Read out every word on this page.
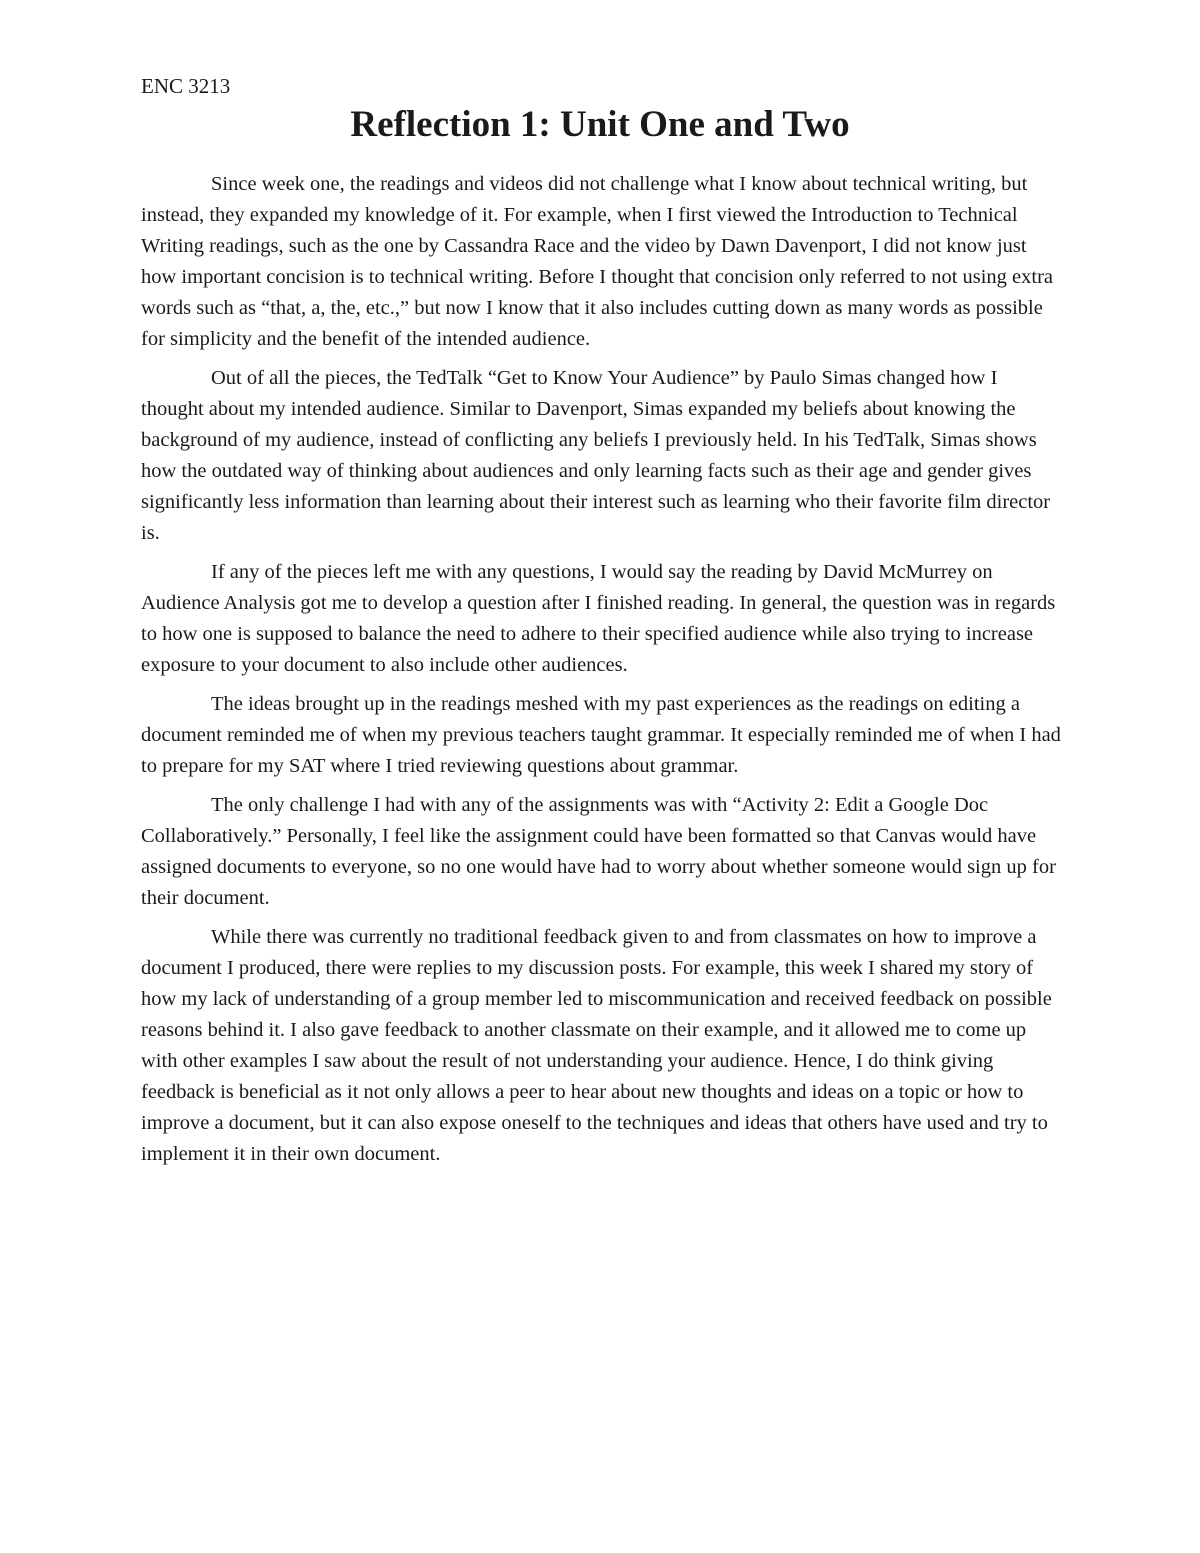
ENC 3213
Reflection 1: Unit One and Two

Since week one, the readings and videos did not challenge what I know about technical writing, but instead, they expanded my knowledge of it. For example, when I first viewed the Introduction to Technical Writing readings, such as the one by Cassandra Race and the video by Dawn Davenport, I did not know just how important concision is to technical writing. Before I thought that concision only referred to not using extra words such as “that, a, the, etc.,” but now I know that it also includes cutting down as many words as possible for simplicity and the benefit of the intended audience.

Out of all the pieces, the TedTalk “Get to Know Your Audience” by Paulo Simas changed how I thought about my intended audience. Similar to Davenport, Simas expanded my beliefs about knowing the background of my audience, instead of conflicting any beliefs I previously held. In his TedTalk, Simas shows how the outdated way of thinking about audiences and only learning facts such as their age and gender gives significantly less information than learning about their interest such as learning who their favorite film director is.

If any of the pieces left me with any questions, I would say the reading by David McMurrey on Audience Analysis got me to develop a question after I finished reading. In general, the question was in regards to how one is supposed to balance the need to adhere to their specified audience while also trying to increase exposure to your document to also include other audiences.

The ideas brought up in the readings meshed with my past experiences as the readings on editing a document reminded me of when my previous teachers taught grammar. It especially reminded me of when I had to prepare for my SAT where I tried reviewing questions about grammar.

The only challenge I had with any of the assignments was with “Activity 2: Edit a Google Doc Collaboratively.” Personally, I feel like the assignment could have been formatted so that Canvas would have assigned documents to everyone, so no one would have had to worry about whether someone would sign up for their document.

While there was currently no traditional feedback given to and from classmates on how to improve a document I produced, there were replies to my discussion posts. For example, this week I shared my story of how my lack of understanding of a group member led to miscommunication and received feedback on possible reasons behind it. I also gave feedback to another classmate on their example, and it allowed me to come up with other examples I saw about the result of not understanding your audience. Hence, I do think giving feedback is beneficial as it not only allows a peer to hear about new thoughts and ideas on a topic or how to improve a document, but it can also expose oneself to the techniques and ideas that others have used and try to implement it in their own document.
